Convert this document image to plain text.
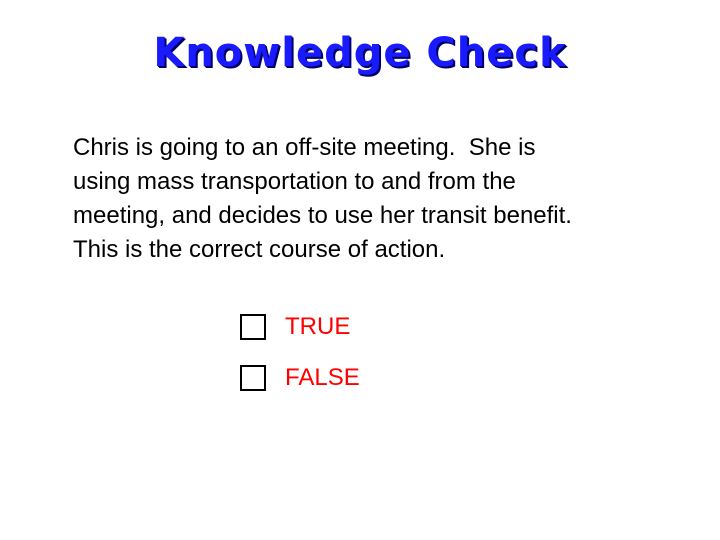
Knowledge Check
Chris is going to an off-site meeting.  She is
using mass transportation to and from the
meeting, and decides to use her transit benefit.
This is the correct course of action.
TRUE
FALSE
